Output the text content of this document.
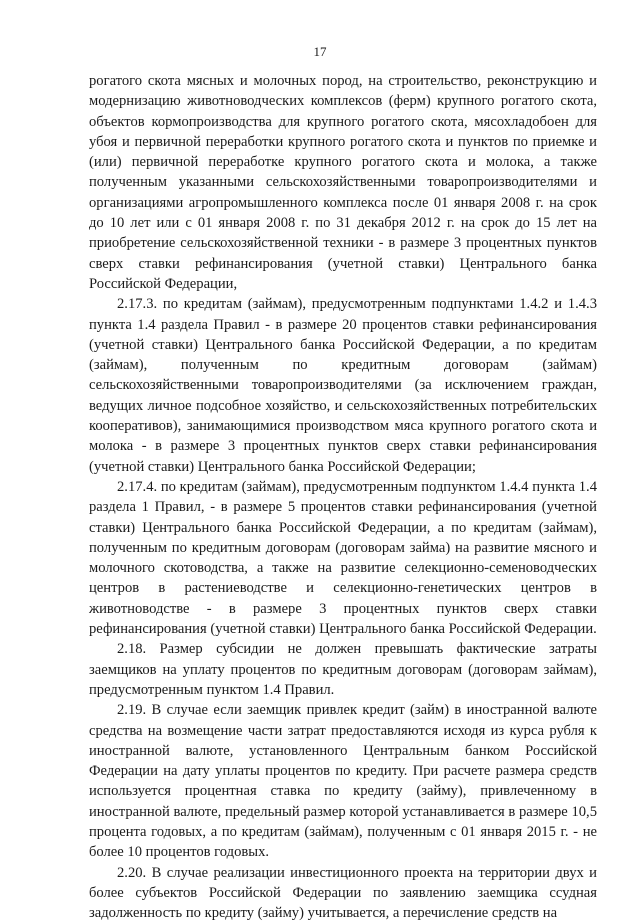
17

рогатого скота мясных и молочных пород, на строительство, реконструкцию и модернизацию животноводческих комплексов (ферм) крупного рогатого скота, объектов кормопроизводства для крупного рогатого скота, мясохладобоен для убоя и первичной переработки крупного рогатого скота и пунктов по приемке и (или) первичной переработке крупного рогатого скота и молока, а также полученным указанными сельскохозяйственными товаропроизводителями и организациями агропромышленного комплекса после 01 января 2008 г. на срок до 10 лет или с 01 января 2008 г. по 31 декабря 2012 г. на срок до 15 лет на приобретение сельскохозяйственной техники - в размере 3 процентных пунктов сверх ставки рефинансирования (учетной ставки) Центрального банка Российской Федерации,

2.17.3. по кредитам (займам), предусмотренным подпунктами 1.4.2 и 1.4.3 пункта 1.4 раздела Правил - в размере 20 процентов ставки рефинансирования (учетной ставки) Центрального банка Российской Федерации, а по кредитам (займам), полученным по кредитным договорам (займам) сельскохозяйственными товаропроизводителями (за исключением граждан, ведущих личное подсобное хозяйство, и сельскохозяйственных потребительских кооперативов), занимающимися производством мяса крупного рогатого скота и молока - в размере 3 процентных пунктов сверх ставки рефинансирования (учетной ставки) Центрального банка Российской Федерации;

2.17.4. по кредитам (займам), предусмотренным подпунктом 1.4.4 пункта 1.4 раздела 1 Правил, - в размере 5 процентов ставки рефинансирования (учетной ставки) Центрального банка Российской Федерации, а по кредитам (займам), полученным по кредитным договорам (договорам займа) на развитие мясного и молочного скотоводства, а также на развитие селекционно-семеноводческих центров в растениеводстве и селекционно-генетических центров в животноводстве - в размере 3 процентных пунктов сверх ставки рефинансирования (учетной ставки) Центрального банка Российской Федерации.

2.18. Размер субсидии не должен превышать фактические затраты заемщиков на уплату процентов по кредитным договорам (договорам займам), предусмотренным пунктом 1.4 Правил.

2.19. В случае если заемщик привлек кредит (займ) в иностранной валюте средства на возмещение части затрат предоставляются исходя из курса рубля к иностранной валюте, установленного Центральным банком Российской Федерации на дату уплаты процентов по кредиту. При расчете размера средств используется процентная ставка по кредиту (займу), привлеченному в иностранной валюте, предельный размер которой устанавливается в размере 10,5 процента годовых, а по кредитам (займам), полученным с 01 января 2015 г. - не более 10 процентов годовых.

2.20. В случае реализации инвестиционного проекта на территории двух и более субъектов Российской Федерации по заявлению заемщика ссудная задолженность по кредиту (займу) учитывается, а перечисление средств на
